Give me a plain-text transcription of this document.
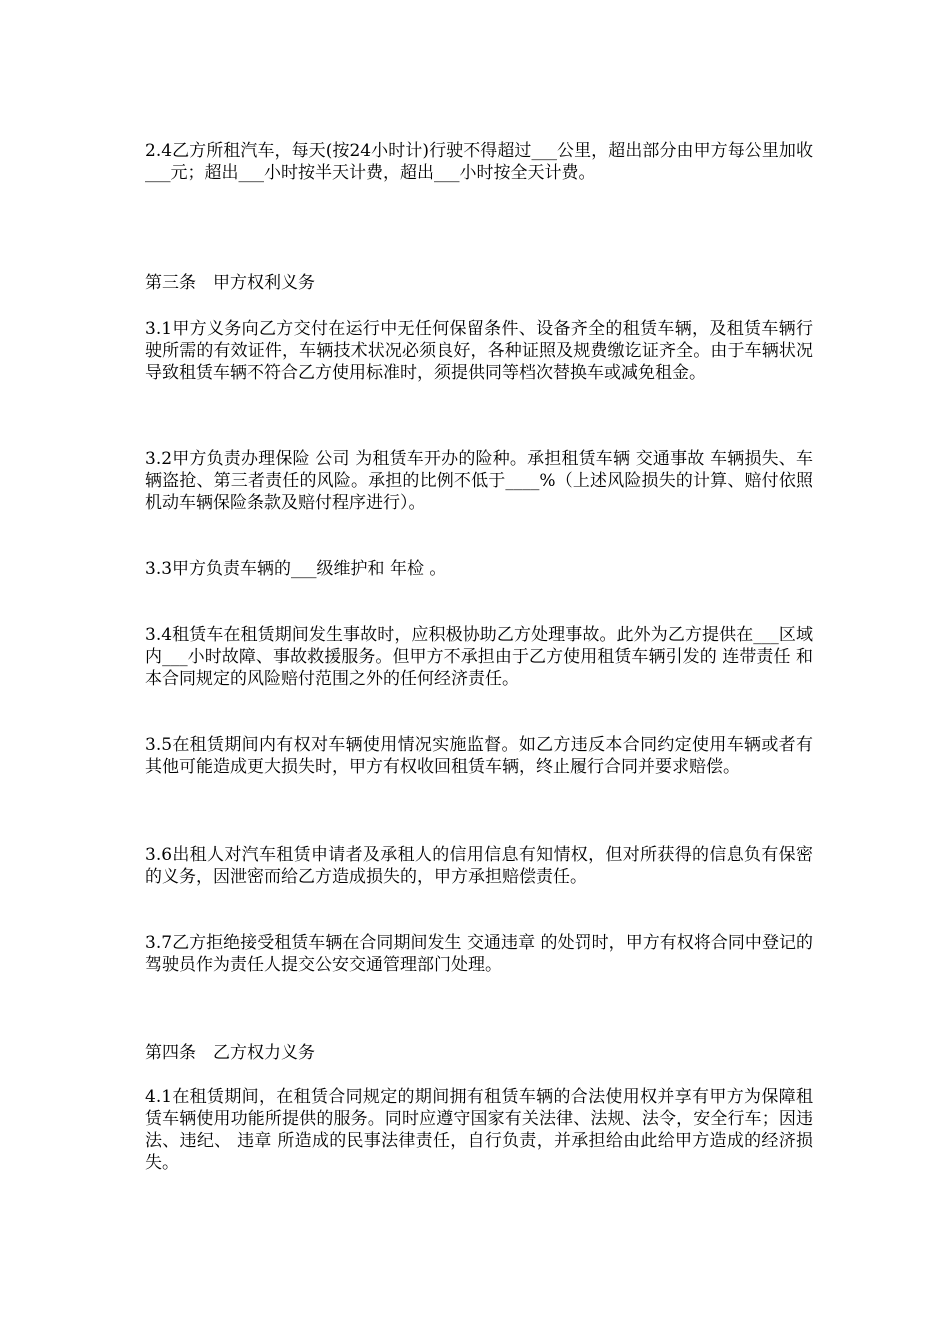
2.4乙方所租汽车，每天(按24小时计)行驶不得超过___公里，超出部分由甲方每公里加收___元；超出___小时按半天计费，超出___小时按全天计费。

第三条　甲方权利义务

3.1甲方义务向乙方交付在运行中无任何保留条件、设备齐全的租赁车辆，及租赁车辆行驶所需的有效证件，车辆技术状况必须良好，各种证照及规费缴讫证齐全。由于车辆状况导致租赁车辆不符合乙方使用标准时，须提供同等档次替换车或减免租金。

3.2甲方负责办理保险 公司 为租赁车开办的险种。承担租赁车辆 交通事故 车辆损失、车辆盗抢、第三者责任的风险。承担的比例不低于____%（上述风险损失的计算、赔付依照机动车辆保险条款及赔付程序进行）。

3.3甲方负责车辆的___级维护和 年检 。

3.4租赁车在租赁期间发生事故时，应积极协助乙方处理事故。此外为乙方提供在___区域内___小时故障、事故救援服务。但甲方不承担由于乙方使用租赁车辆引发的 连带责任 和本合同规定的风险赔付范围之外的任何经济责任。

3.5在租赁期间内有权对车辆使用情况实施监督。如乙方违反本合同约定使用车辆或者有其他可能造成更大损失时，甲方有权收回租赁车辆，终止履行合同并要求赔偿。

3.6出租人对汽车租赁申请者及承租人的信用信息有知情权，但对所获得的信息负有保密的义务，因泄密而给乙方造成损失的，甲方承担赔偿责任。

3.7乙方拒绝接受租赁车辆在合同期间发生 交通违章 的处罚时，甲方有权将合同中登记的驾驶员作为责任人提交公安交通管理部门处理。

第四条　乙方权力义务

4.1在租赁期间，在租赁合同规定的期间拥有租赁车辆的合法使用权并享有甲方为保障租赁车辆使用功能所提供的服务。同时应遵守国家有关法律、法规、法令，安全行车；因违法、违纪、 违章 所造成的民事法律责任，自行负责，并承担给由此给甲方造成的经济损失。
